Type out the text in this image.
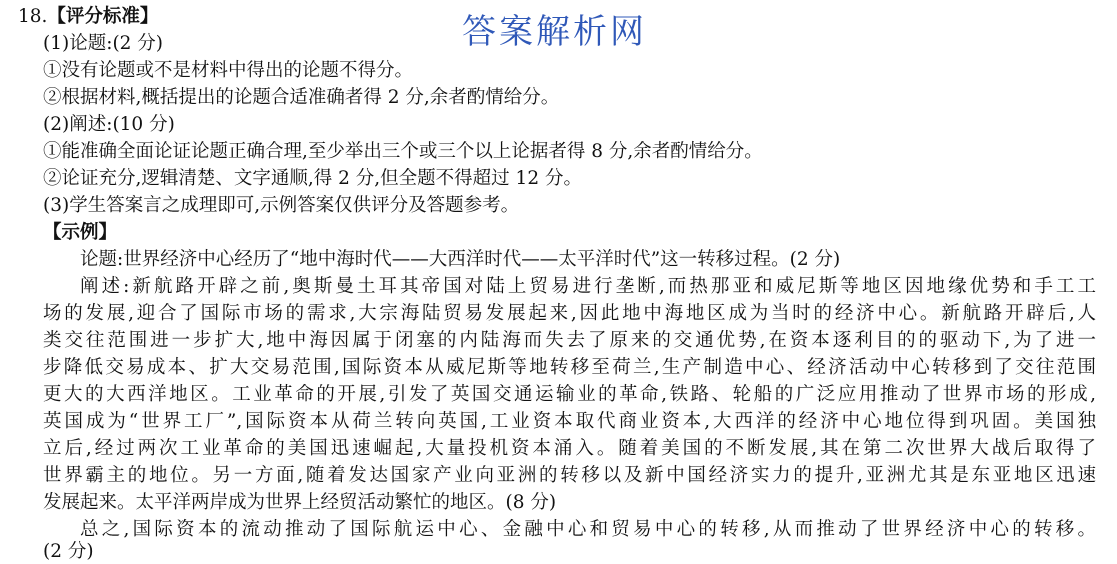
18.【评分标准】	答案解析网
(1)论题:(2 分)
①没有论题或不是材料中得出的论题不得分。
②根据材料,概括提出的论题合适准确者得 2 分,余者酌情给分。
(2)阐述:(10 分)
①能准确全面论证论题正确合理,至少举出三个或三个以上论据者得 8 分,余者酌情给分。
②论证充分,逻辑清楚、文字通顺,得 2 分,但全题不得超过 12 分。
(3)学生答案言之成理即可,示例答案仅供评分及答题参考。
【示例】
论题:世界经济中心经历了“地中海时代——大西洋时代——太平洋时代”这一转移过程。(2 分)
阐述:新航路开辟之前,奥斯曼土耳其帝国对陆上贸易进行垄断,而热那亚和威尼斯等地区因地缘优势和手工工
场的发展,迎合了国际市场的需求,大宗海陆贸易发展起来,因此地中海地区成为当时的经济中心。新航路开辟后,人
类交往范围进一步扩大,地中海因属于闭塞的内陆海而失去了原来的交通优势,在资本逐利目的的驱动下,为了进一
步降低交易成本、扩大交易范围,国际资本从威尼斯等地转移至荷兰,生产制造中心、经济活动中心转移到了交往范围
更大的大西洋地区。工业革命的开展,引发了英国交通运输业的革命,铁路、轮船的广泛应用推动了世界市场的形成,
英国成为“世界工厂”,国际资本从荷兰转向英国,工业资本取代商业资本,大西洋的经济中心地位得到巩固。美国独
立后,经过两次工业革命的美国迅速崛起,大量投机资本涌入。随着美国的不断发展,其在第二次世界大战后取得了
世界霸主的地位。另一方面,随着发达国家产业向亚洲的转移以及新中国经济实力的提升,亚洲尤其是东亚地区迅速
发展起来。太平洋两岸成为世界上经贸活动繁忙的地区。(8 分)
总之,国际资本的流动推动了国际航运中心、金融中心和贸易中心的转移,从而推动了世界经济中心的转移。
(2 分)
